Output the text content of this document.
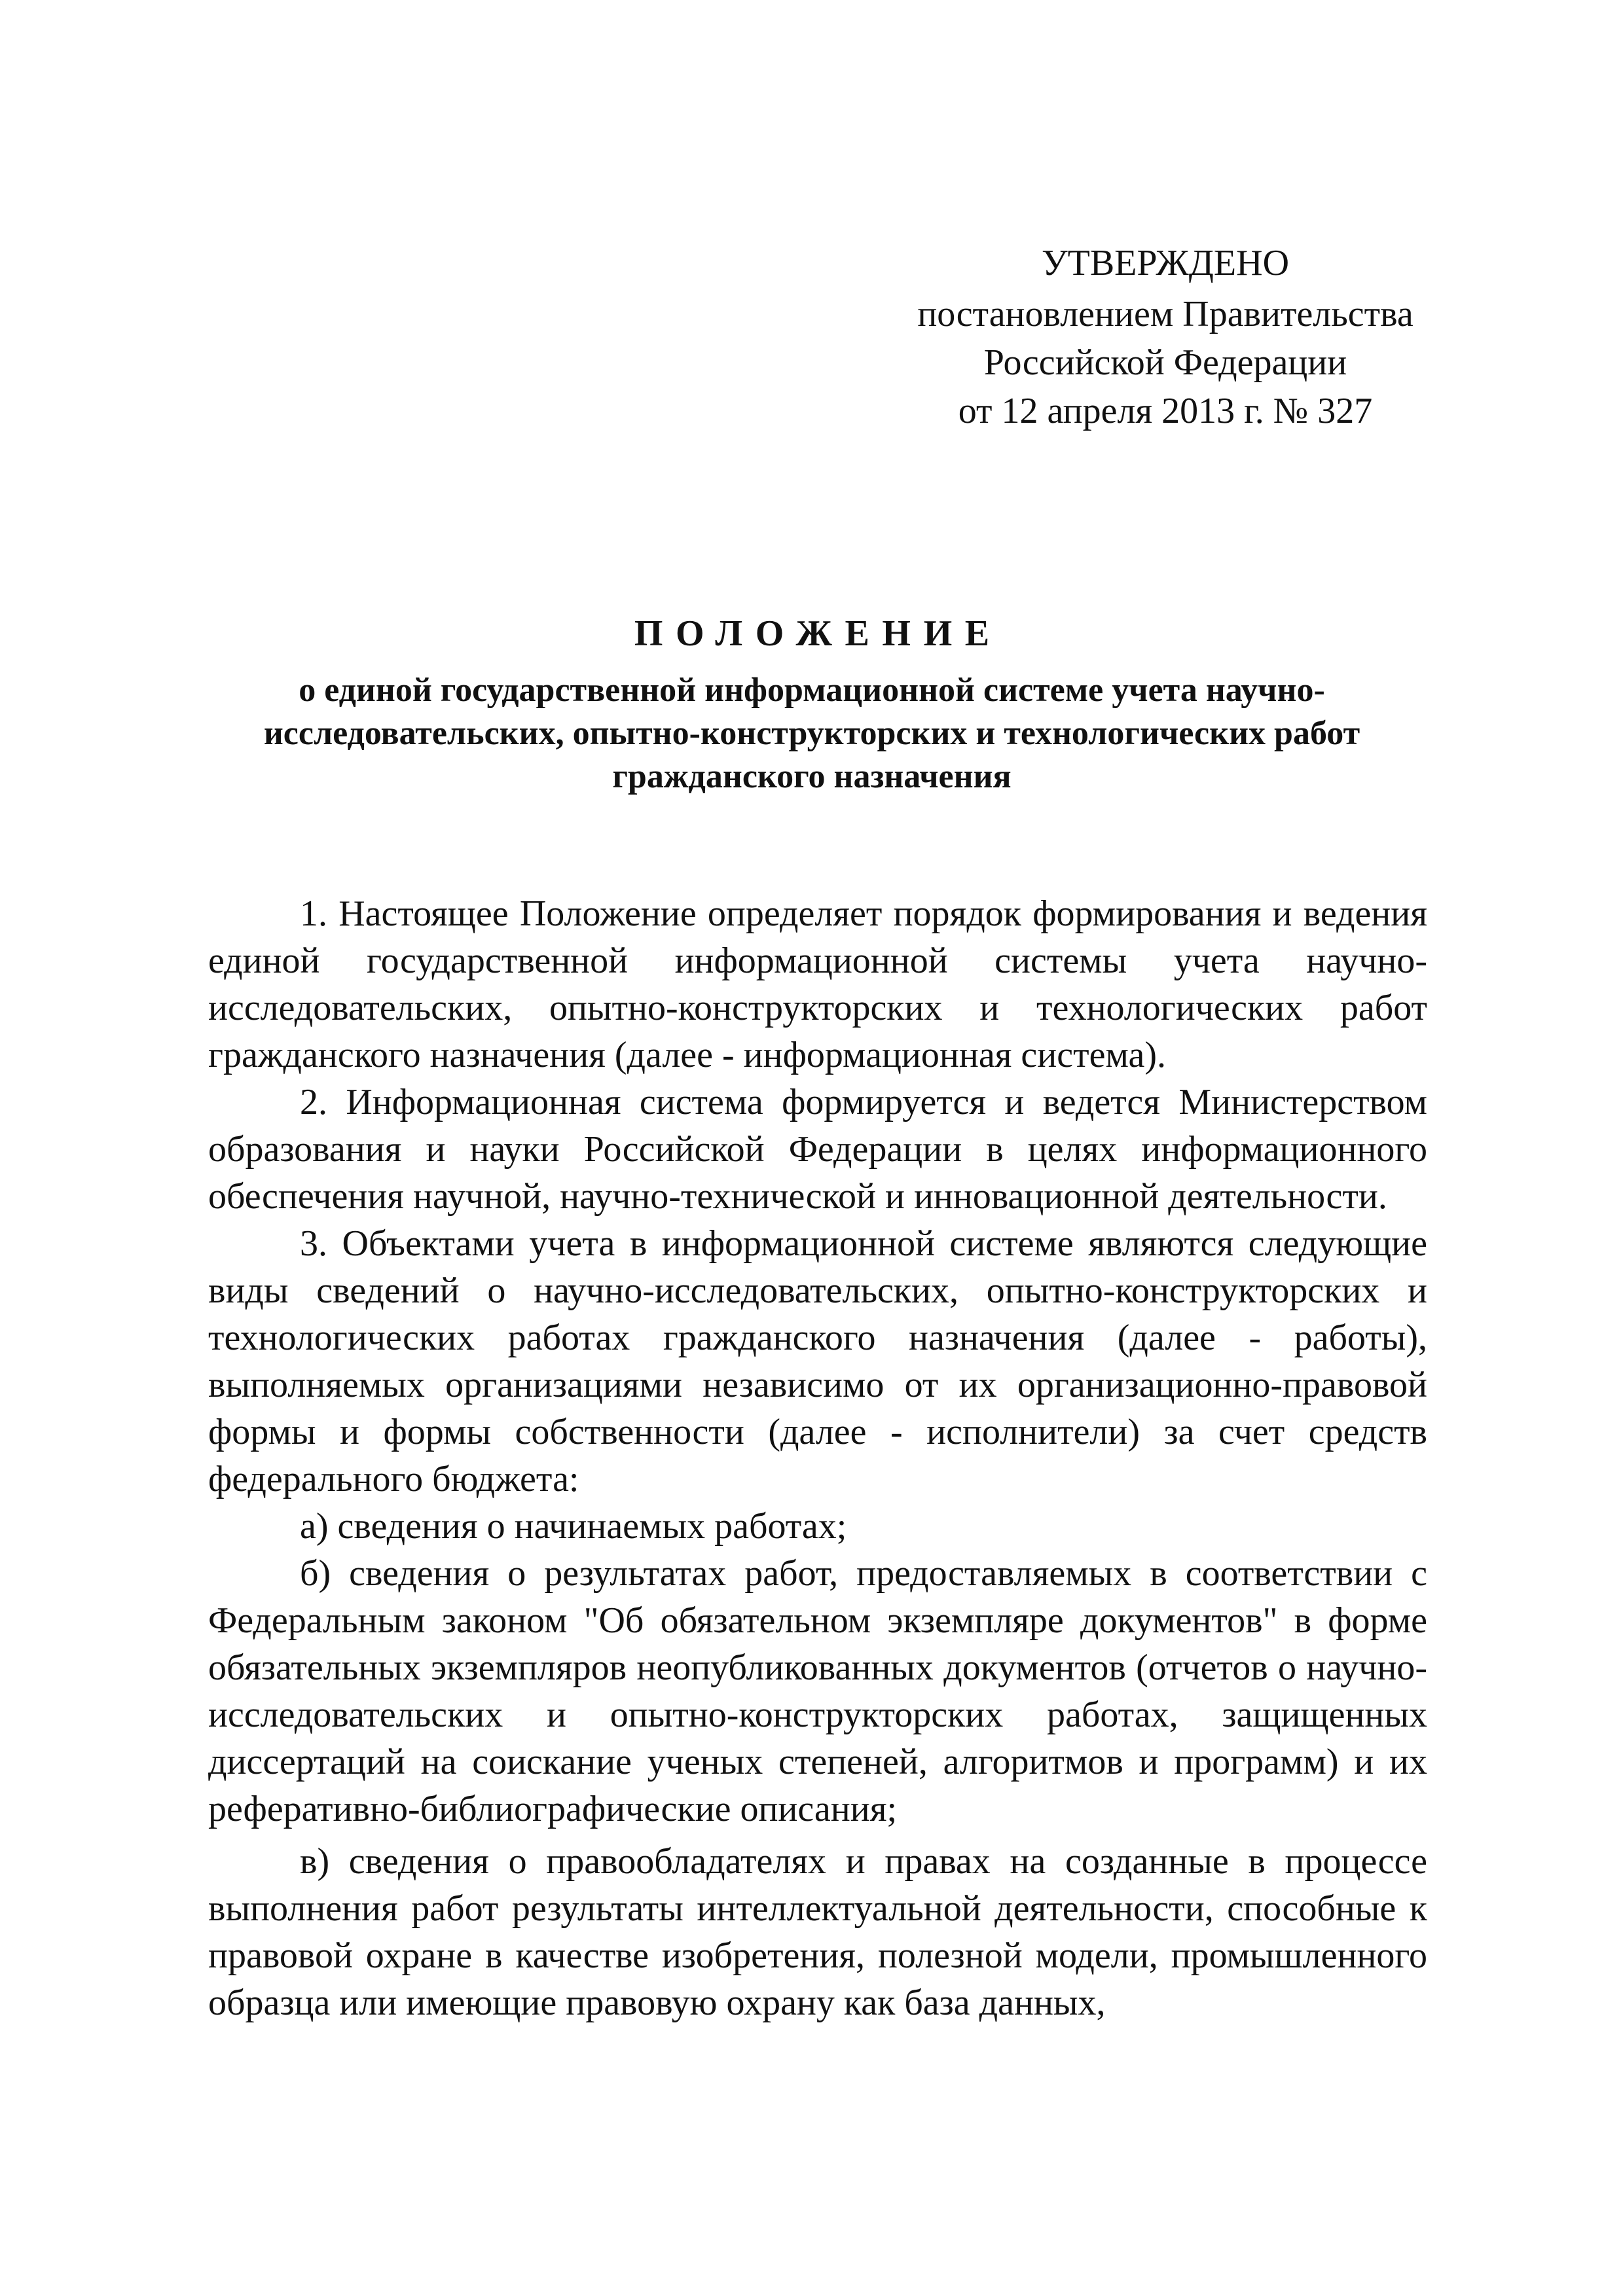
УТВЕРЖДЕНО
постановлением Правительства
Российской Федерации
от 12 апреля 2013 г. № 327
ПОЛОЖЕНИЕ
о единой государственной информационной системе учета научно-исследовательских, опытно-конструкторских и технологических работ гражданского назначения

1. Настоящее Положение определяет порядок формирования и ведения единой государственной информационной системы учета научно-исследовательских, опытно-конструкторских и технологических работ гражданского назначения (далее - информационная система).

2. Информационная система формируется и ведется Министерством образования и науки Российской Федерации в целях информационного обеспечения научной, научно-технической и инновационной деятельности.

3. Объектами учета в информационной системе являются следующие виды сведений о научно-исследовательских, опытно-конструкторских и технологических работах гражданского назначения (далее - работы), выполняемых организациями независимо от их организационно-правовой формы и формы собственности (далее - исполнители) за счет средств федерального бюджета:

а) сведения о начинаемых работах;

б) сведения о результатах работ, предоставляемых в соответствии с Федеральным законом "Об обязательном экземпляре документов" в форме обязательных экземпляров неопубликованных документов (отчетов о научно-исследовательских и опытно-конструкторских работах, защищенных диссертаций на соискание ученых степеней, алгоритмов и программ) и их реферативно-библиографические описания;

в) сведения о правообладателях и правах на созданные в процессе выполнения работ результаты интеллектуальной деятельности, способные к правовой охране в качестве изобретения, полезной модели, промышленного образца или имеющие правовую охрану как база данных,
